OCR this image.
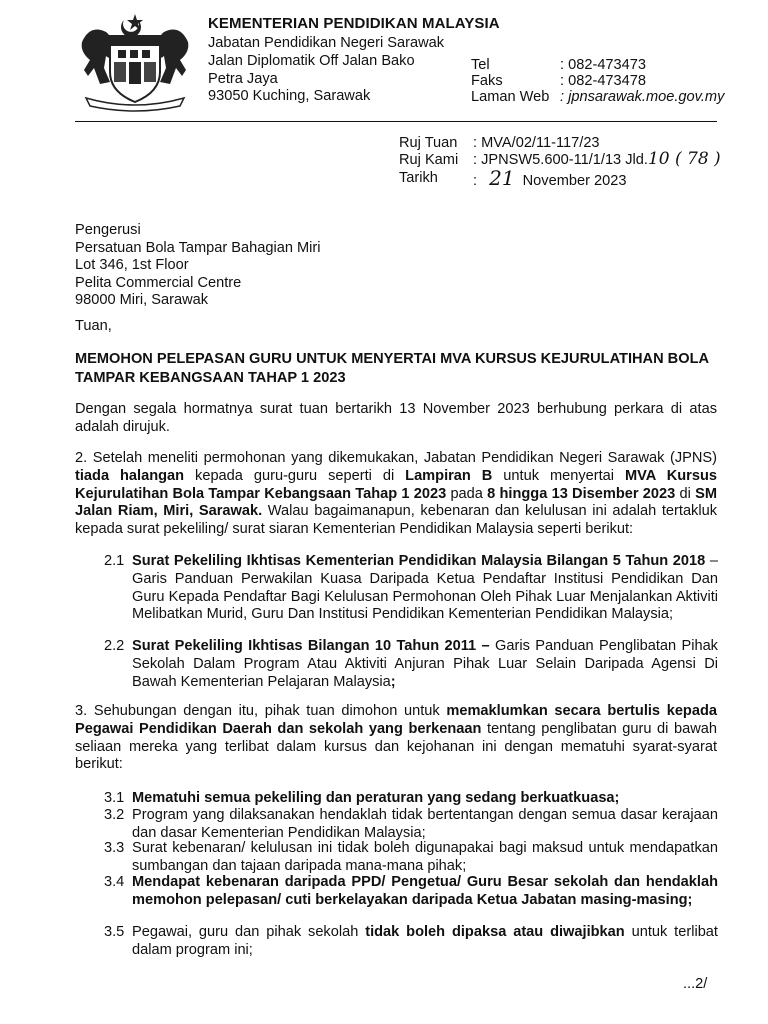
KEMENTERIAN PENDIDIKAN MALAYSIA
Jabatan Pendidikan Negeri Sarawak
Jalan Diplomatik Off Jalan Bako
Petra Jaya
93050 Kuching, Sarawak
Tel	: 082-473473
Faks	: 082-473478
Laman Web : jpnsarawak.moe.gov.my
Ruj Tuan : MVA/02/11-117/23
Ruj Kami : JPNSW5.600-11/1/13 Jld.10 ( 78 )
Tarikh : 21 November 2023
Pengerusi
Persatuan Bola Tampar Bahagian Miri
Lot 346, 1st Floor
Pelita Commercial Centre
98000 Miri, Sarawak
Tuan,
MEMOHON PELEPASAN GURU UNTUK MENYERTAI MVA KURSUS KEJURULATIHAN BOLA TAMPAR KEBANGSAAN TAHAP 1 2023
Dengan segala hormatnya surat tuan bertarikh 13 November 2023 berhubung perkara di atas adalah dirujuk.
2. Setelah meneliti permohonan yang dikemukakan, Jabatan Pendidikan Negeri Sarawak (JPNS) tiada halangan kepada guru-guru seperti di Lampiran B untuk menyertai MVA Kursus Kejurulatihan Bola Tampar Kebangsaan Tahap 1 2023 pada 8 hingga 13 Disember 2023 di SM Jalan Riam, Miri, Sarawak. Walau bagaimanapun, kebenaran dan kelulusan ini adalah tertakluk kepada surat pekeliling/ surat siaran Kementerian Pendidikan Malaysia seperti berikut:
2.1 Surat Pekeliling Ikhtisas Kementerian Pendidikan Malaysia Bilangan 5 Tahun 2018 – Garis Panduan Perwakilan Kuasa Daripada Ketua Pendaftar Institusi Pendidikan Dan Guru Kepada Pendaftar Bagi Kelulusan Permohonan Oleh Pihak Luar Menjalankan Aktiviti Melibatkan Murid, Guru Dan Institusi Pendidikan Kementerian Pendidikan Malaysia;
2.2 Surat Pekeliling Ikhtisas Bilangan 10 Tahun 2011 – Garis Panduan Penglibatan Pihak Sekolah Dalam Program Atau Aktiviti Anjuran Pihak Luar Selain Daripada Agensi Di Bawah Kementerian Pelajaran Malaysia;
3. Sehubungan dengan itu, pihak tuan dimohon untuk memaklumkan secara bertulis kepada Pegawai Pendidikan Daerah dan sekolah yang berkenaan tentang penglibatan guru di bawah seliaan mereka yang terlibat dalam kursus dan kejohanan ini dengan mematuhi syarat-syarat berikut:
3.1 Mematuhi semua pekeliling dan peraturan yang sedang berkuatkuasa;
3.2 Program yang dilaksanakan hendaklah tidak bertentangan dengan semua dasar kerajaan dan dasar Kementerian Pendidikan Malaysia;
3.3 Surat kebenaran/ kelulusan ini tidak boleh digunapakai bagi maksud untuk mendapatkan sumbangan dan tajaan daripada mana-mana pihak;
3.4 Mendapat kebenaran daripada PPD/ Pengetua/ Guru Besar sekolah dan hendaklah memohon pelepasan/ cuti berkelayakan daripada Ketua Jabatan masing-masing;
3.5 Pegawai, guru dan pihak sekolah tidak boleh dipaksa atau diwajibkan untuk terlibat dalam program ini;
...2/
